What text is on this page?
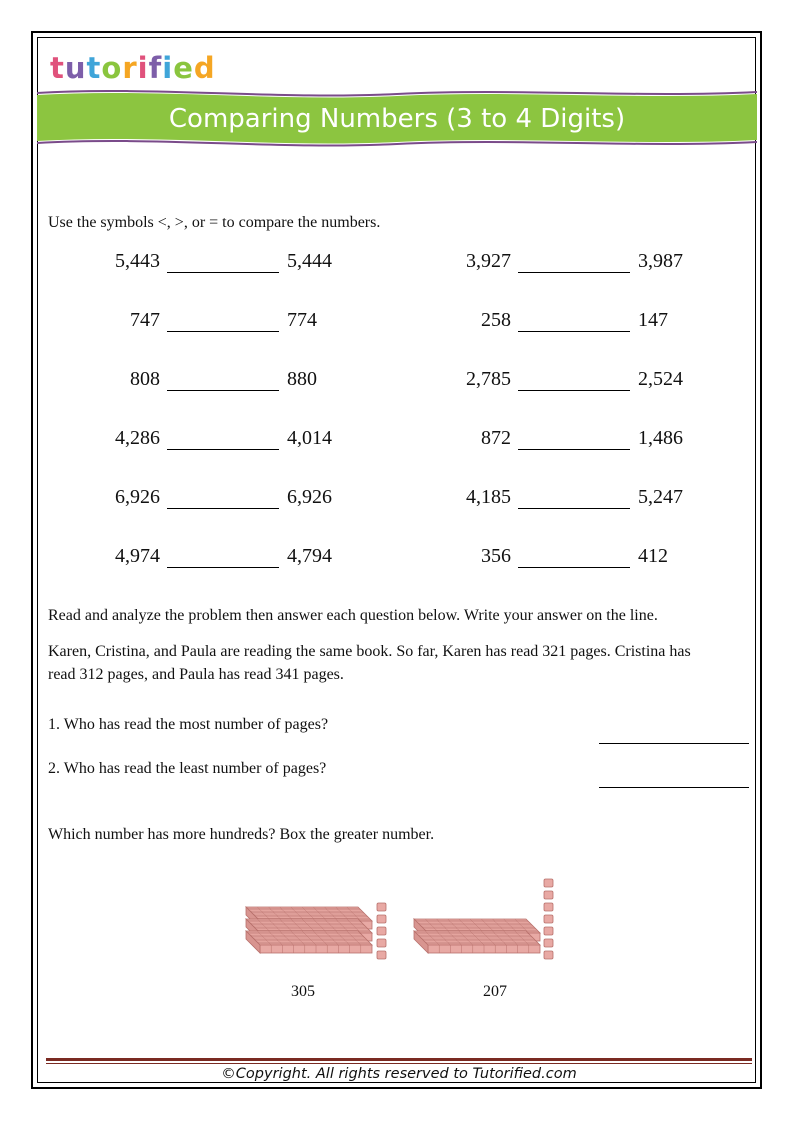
tutorified
Comparing Numbers (3 to 4 Digits)
Use the symbols <, >, or = to compare the numbers.
5,443	5,444	3,927	3,987
747	774	258	147
808	880	2,785	2,524
4,286	4,014	872	1,486
6,926	6,926	4,185	5,247
4,974	4,794	356	412
Read and analyze the problem then answer each question below. Write your answer on the line.
Karen, Cristina, and Paula are reading the same book. So far, Karen has read 321 pages. Cristina has
read 312 pages, and Paula has read 341 pages.
1. Who has read the most number of pages?
2. Who has read the least number of pages?
Which number has more hundreds? Box the greater number.
305	207
©Copyright. All rights reserved to Tutorified.com
